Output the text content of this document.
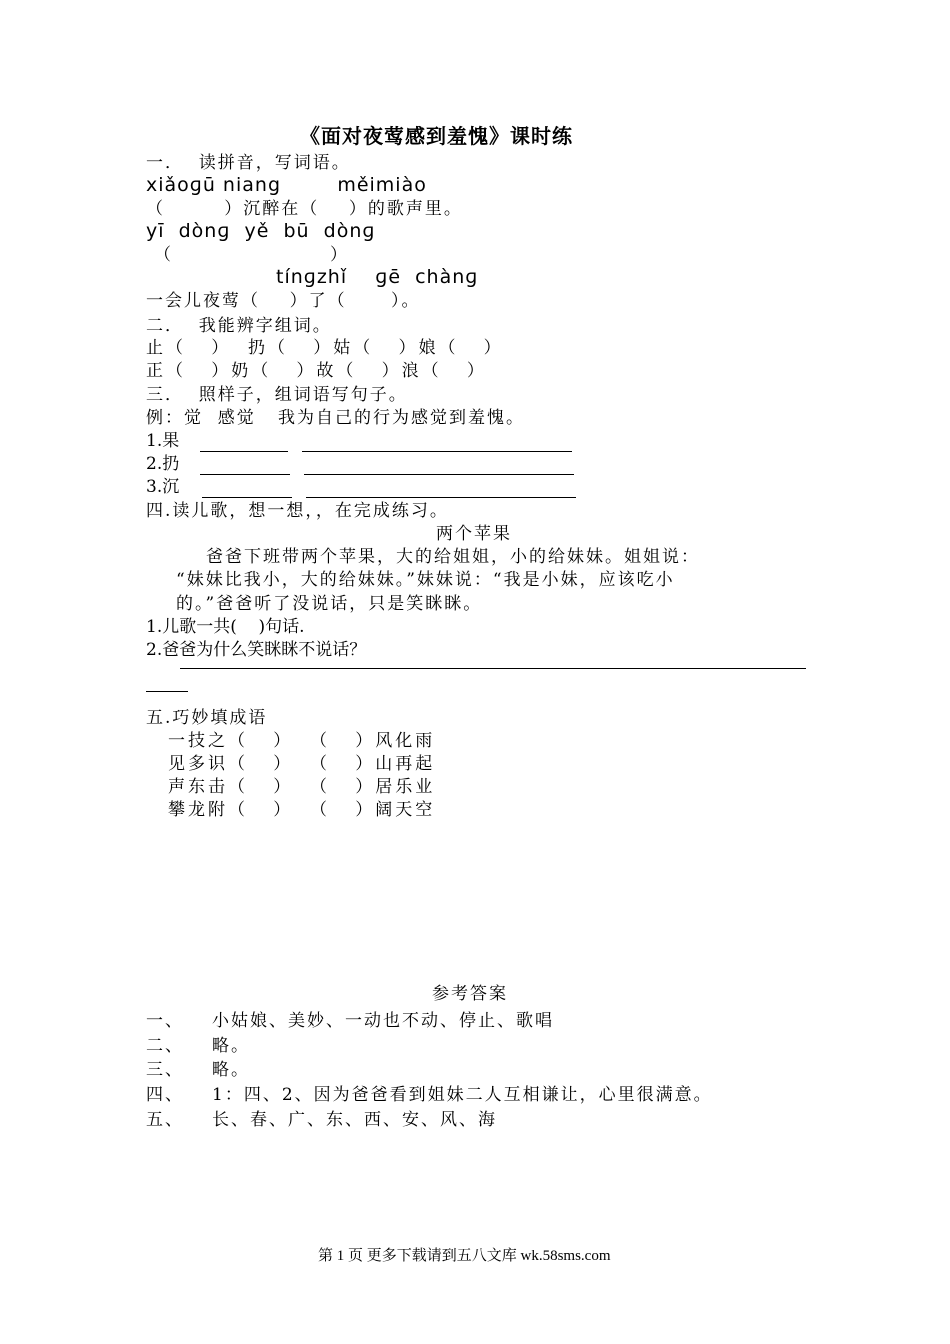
《面对夜莺感到羞愧》课时练
一．  读拼音，写词语。
xiǎoɡū niang        měimiào
（        ）沉醉在（    ）的歌声里。
yī  dònɡ  yě  bū  dònɡ
（	）
tínɡzhǐ    ɡē  chànɡ
一会儿夜莺（    ）了（      ）。
二．  我能辨字组词。
止（   ）  扔（   ）姑（   ）娘（   ）
正（   ）奶（   ）故（   ）浪（   ）
三．  照样子，组词语写句子。
例：觉  感觉   我为自己的行为感觉到羞愧。
1.果
2.扔
3.沉
四.读儿歌，想一想，，在完成练习。
两个苹果
爸爸下班带两个苹果，大的给姐姐，小的给妹妹。姐姐说：
“妹妹比我小，大的给妹妹。”妹妹说：“我是小妹，应该吃小
的。”爸爸听了没说话，只是笑眯眯。
1.儿歌一共(    )句话.
2.爸爸为什么笑眯眯不说话？
五.巧妙填成语
一技之（   ）  （   ）风化雨
见多识（   ）  （   ）山再起
声东击（   ）  （   ）居乐业
攀龙附（   ）  （   ）阔天空
参考答案
一、 小姑娘、美妙、一动也不动、停止、歌唱
二、 略。
三、 略。
四、 1：四、2、因为爸爸看到姐妹二人互相谦让，心里很满意。
五、 长、春、广、东、西、安、风、海
第 1 页 更多下载请到五八文库 wk.58sms.com
